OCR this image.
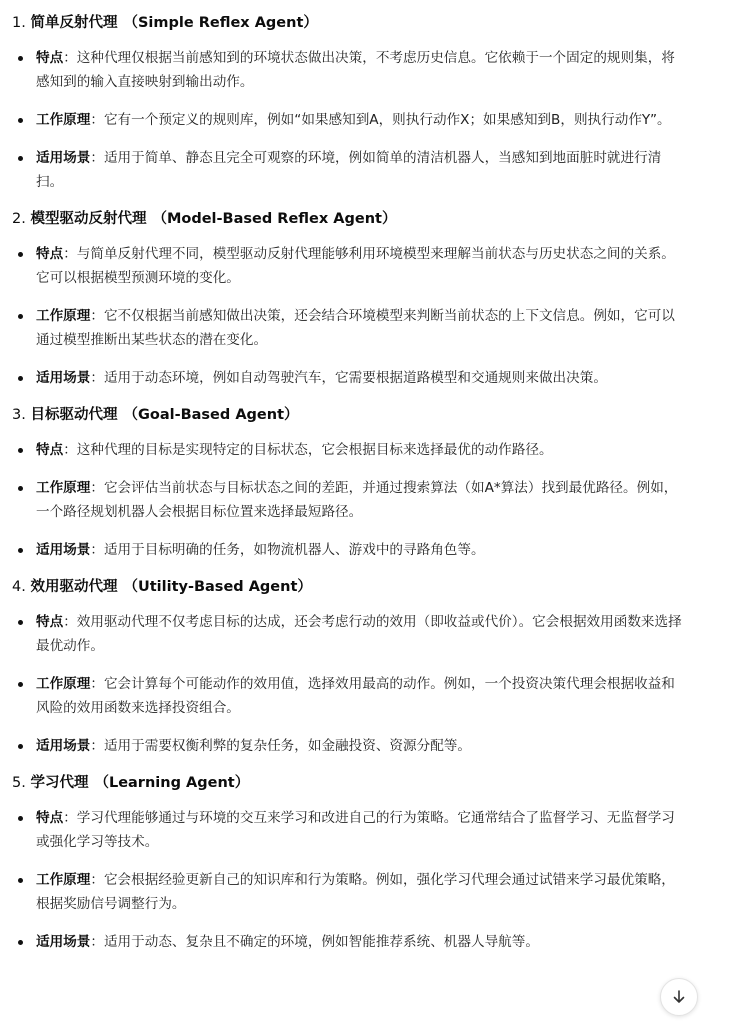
1. 简单反射代理 （Simple Reflex Agent）
特点：这种代理仅根据当前感知到的环境状态做出决策，不考虑历史信息。它依赖于一个固定的规则集，将感知到的输入直接映射到输出动作。
工作原理：它有一个预定义的规则库，例如“如果感知到A，则执行动作X；如果感知到B，则执行动作Y”。
适用场景：适用于简单、静态且完全可观察的环境，例如简单的清洁机器人，当感知到地面脏时就进行清扫。
2. 模型驱动反射代理 （Model-Based Reflex Agent）
特点：与简单反射代理不同，模型驱动反射代理能够利用环境模型来理解当前状态与历史状态之间的关系。它可以根据模型预测环境的变化。
工作原理：它不仅根据当前感知做出决策，还会结合环境模型来判断当前状态的上下文信息。例如，它可以通过模型推断出某些状态的潜在变化。
适用场景：适用于动态环境，例如自动驾驶汽车，它需要根据道路模型和交通规则来做出决策。
3. 目标驱动代理 （Goal-Based Agent）
特点：这种代理的目标是实现特定的目标状态，它会根据目标来选择最优的动作路径。
工作原理：它会评估当前状态与目标状态之间的差距，并通过搜索算法（如A*算法）找到最优路径。例如，一个路径规划机器人会根据目标位置来选择最短路径。
适用场景：适用于目标明确的任务，如物流机器人、游戏中的寻路角色等。
4. 效用驱动代理 （Utility-Based Agent）
特点：效用驱动代理不仅考虑目标的达成，还会考虑行动的效用（即收益或代价）。它会根据效用函数来选择最优动作。
工作原理：它会计算每个可能动作的效用值，选择效用最高的动作。例如，一个投资决策代理会根据收益和风险的效用函数来选择投资组合。
适用场景：适用于需要权衡利弊的复杂任务，如金融投资、资源分配等。
5. 学习代理 （Learning Agent）
特点：学习代理能够通过与环境的交互来学习和改进自己的行为策略。它通常结合了监督学习、无监督学习或强化学习等技术。
工作原理：它会根据经验更新自己的知识库和行为策略。例如，强化学习代理会通过试错来学习最优策略，根据奖励信号调整行为。
适用场景：适用于动态、复杂且不确定的环境，例如智能推荐系统、机器人导航等。
